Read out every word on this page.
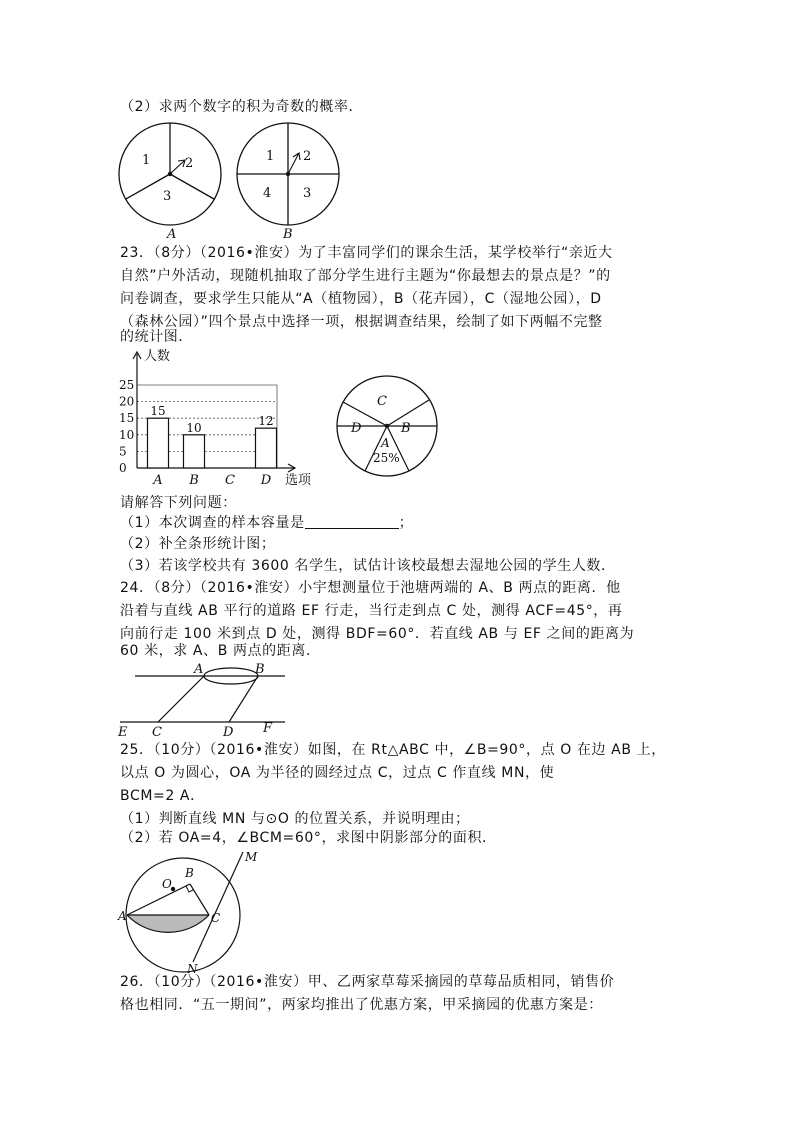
（2）求两个数字的积为奇数的概率．
1	2
3
A
1 2
4 3
B
23．（8分）（2016•淮安）为了丰富同学们的课余生活，某学校举行“亲近大
自然”户外活动，现随机抽取了部分学生进行主题为“你最想去的景点是？”的
问卷调查，要求学生只能从“A（植物园），B（花卉园），C（湿地公园），D
（森林公园）”四个景点中选择一项，根据调查结果，绘制了如下两幅不完整
的统计图．
人数
选项
0
5
10
15
20
25
15
A
10
B C
12
D
C
D	B
A
25%
请解答下列问题：
（1）本次调查的样本容量是	；
（2）补全条形统计图；
（3）若该学校共有 3600 名学生，试估计该校最想去湿地公园的学生人数．
24．（8分）（2016•淮安）小宇想测量位于池塘两端的 A、B 两点的距离．他
沿着与直线 AB 平行的道路 EF 行走，当行走到点 C 处，测得 ACF=45°，再
向前行走 100 米到点 D 处，测得 BDF=60°．若直线 AB 与 EF 之间的距离为
60 米，求 A、B 两点的距离．
A	B
E C	D F
25．（10分）（2016•淮安）如图，在 Rt△ABC 中，∠B=90°，点 O 在边 AB 上，
以点 O 为圆心，OA 为半径的圆经过点 C，过点 C 作直线 MN，使
BCM=2 A．
（1）判断直线 MN 与⊙O 的位置关系，并说明理由；
（2）若 OA=4，∠BCM=60°，求图中阴影部分的面积．
M
O
B
A	C
N
26．（10分）（2016•淮安）甲、乙两家草莓采摘园的草莓品质相同，销售价
格也相同．“五一期间”，两家均推出了优惠方案，甲采摘园的优惠方案是：
